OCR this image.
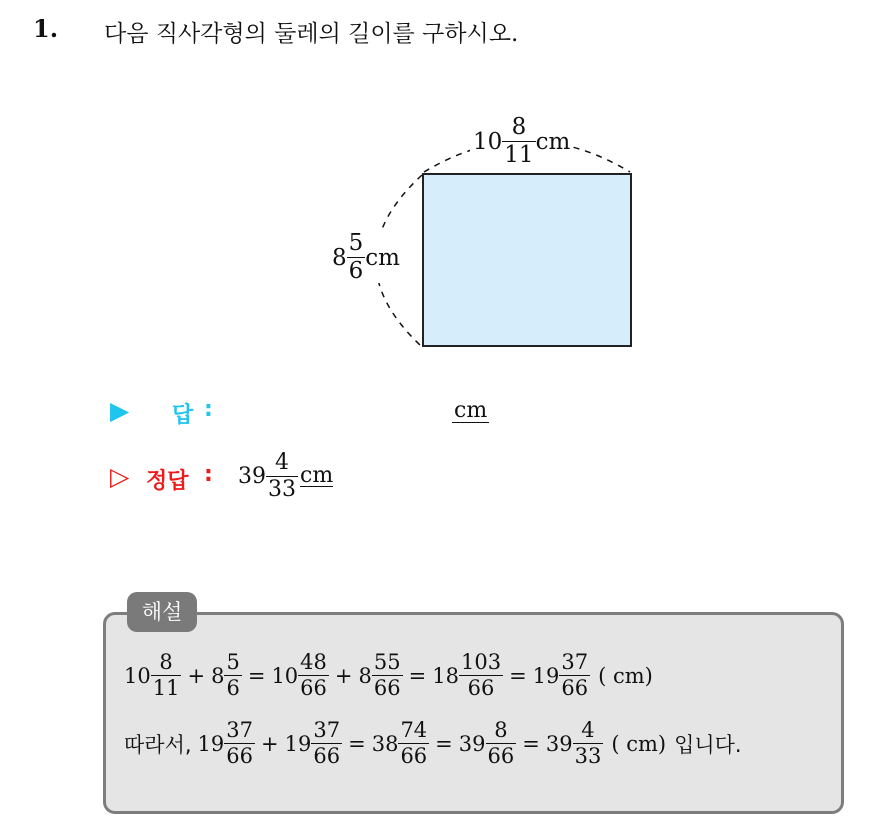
1. 다음 직사각형의 둘레의 길이를 구하시오.
$10 \frac{8}{11}$ cm
$8 \frac{5}{6}$ cm
▶ 답 :	cm
▷ 정답 : $39 \frac{4}{33}$ cm
해설
$10 \frac{8}{11} + 8 \frac{5}{6} = 10 \frac{48}{66} + 8 \frac{55}{66} = 18 \frac{103}{66} = 19 \frac{37}{66}$ ( cm)
따라서, $19 \frac{37}{66} + 19 \frac{37}{66} = 38 \frac{74}{66} = 39 \frac{8}{66} = 39 \frac{4}{33}$ ( cm) 입니다.
